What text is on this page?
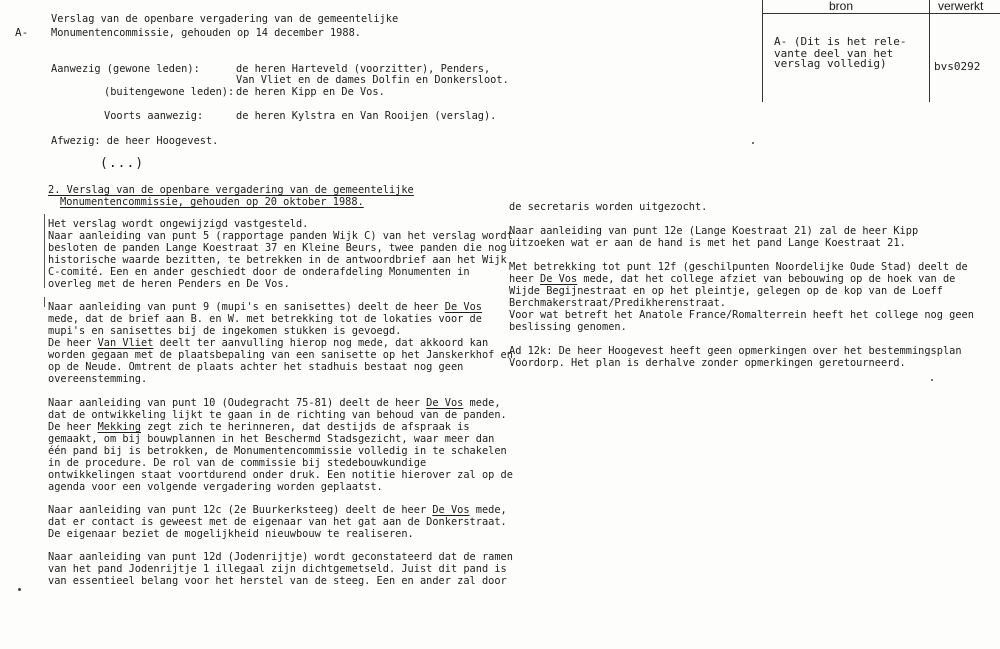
bron	verwerkt
A- (Dit is het rele-
vante deel van het
verslag volledig)	bvs0292
A-
Verslag van de openbare vergadering van de gemeentelijke
Monumentencommissie, gehouden op 14 december 1988.
Aanwezig (gewone leden):	de heren Harteveld (voorzitter), Penders,
Van Vliet en de dames Dolfin en Donkersloot.
(buitengewone leden): de heren Kipp en De Vos.
Voorts aanwezig:	de heren Kylstra en Van Rooijen (verslag).
Afwezig: de heer Hoogevest.
(...)
2. Verslag van de openbare vergadering van de gemeentelijke
Monumentencommissie, gehouden op 20 oktober 1988.
Het verslag wordt ongewijzigd vastgesteld.
Naar aanleiding van punt 5 (rapportage panden Wijk C) van het verslag wordt
besloten de panden Lange Koestraat 37 en Kleine Beurs, twee panden die nog
historische waarde bezitten, te betrekken in de antwoordbrief aan het Wijk
C-comité. Een en ander geschiedt door de onderafdeling Monumenten in
overleg met de heren Penders en De Vos.
Naar aanleiding van punt 9 (mupi's en sanisettes) deelt de heer De Vos
mede, dat de brief aan B. en W. met betrekking tot de lokaties voor de
mupi's en sanisettes bij de ingekomen stukken is gevoegd.
De heer Van Vliet deelt ter aanvulling hierop nog mede, dat akkoord kan
worden gegaan met de plaatsbepaling van een sanisette op het Janskerkhof en
op de Neude. Omtrent de plaats achter het stadhuis bestaat nog geen
overeenstemming.
Naar aanleiding van punt 10 (Oudegracht 75-81) deelt de heer De Vos mede,
dat de ontwikkeling lijkt te gaan in de richting van behoud van de panden.
De heer Mekking zegt zich te herinneren, dat destijds de afspraak is
gemaakt, om bij bouwplannen in het Beschermd Stadsgezicht, waar meer dan
één pand bij is betrokken, de Monumentencommissie volledig in te schakelen
in de procedure. De rol van de commissie bij stedebouwkundige
ontwikkelingen staat voortdurend onder druk. Een notitie hierover zal op de
agenda voor een volgende vergadering worden geplaatst.
Naar aanleiding van punt 12c (2e Buurkerksteeg) deelt de heer De Vos mede,
dat er contact is geweest met de eigenaar van het gat aan de Donkerstraat.
De eigenaar beziet de mogelijkheid nieuwbouw te realiseren.
Naar aanleiding van punt 12d (Jodenrijtje) wordt geconstateerd dat de ramen
van het pand Jodenrijtje 1 illegaal zijn dichtgemetseld. Juist dit pand is
van essentieel belang voor het herstel van de steeg. Een en ander zal door
de secretaris worden uitgezocht.
Naar aanleiding van punt 12e (Lange Koestraat 21) zal de heer Kipp
uitzoeken wat er aan de hand is met het pand Lange Koestraat 21.
Met betrekking tot punt 12f (geschilpunten Noordelijke Oude Stad) deelt de
heer De Vos mede, dat het college afziet van bebouwing op de hoek van de
Wijde Begijnestraat en op het pleintje, gelegen op de kop van de Loeff
Berchmakerstraat/Predikherenstraat.
Voor wat betreft het Anatole France/Romalterrein heeft het college nog geen
beslissing genomen.
Ad 12k: De heer Hoogevest heeft geen opmerkingen over het bestemmingsplan
Voordorp. Het plan is derhalve zonder opmerkingen geretourneerd.
